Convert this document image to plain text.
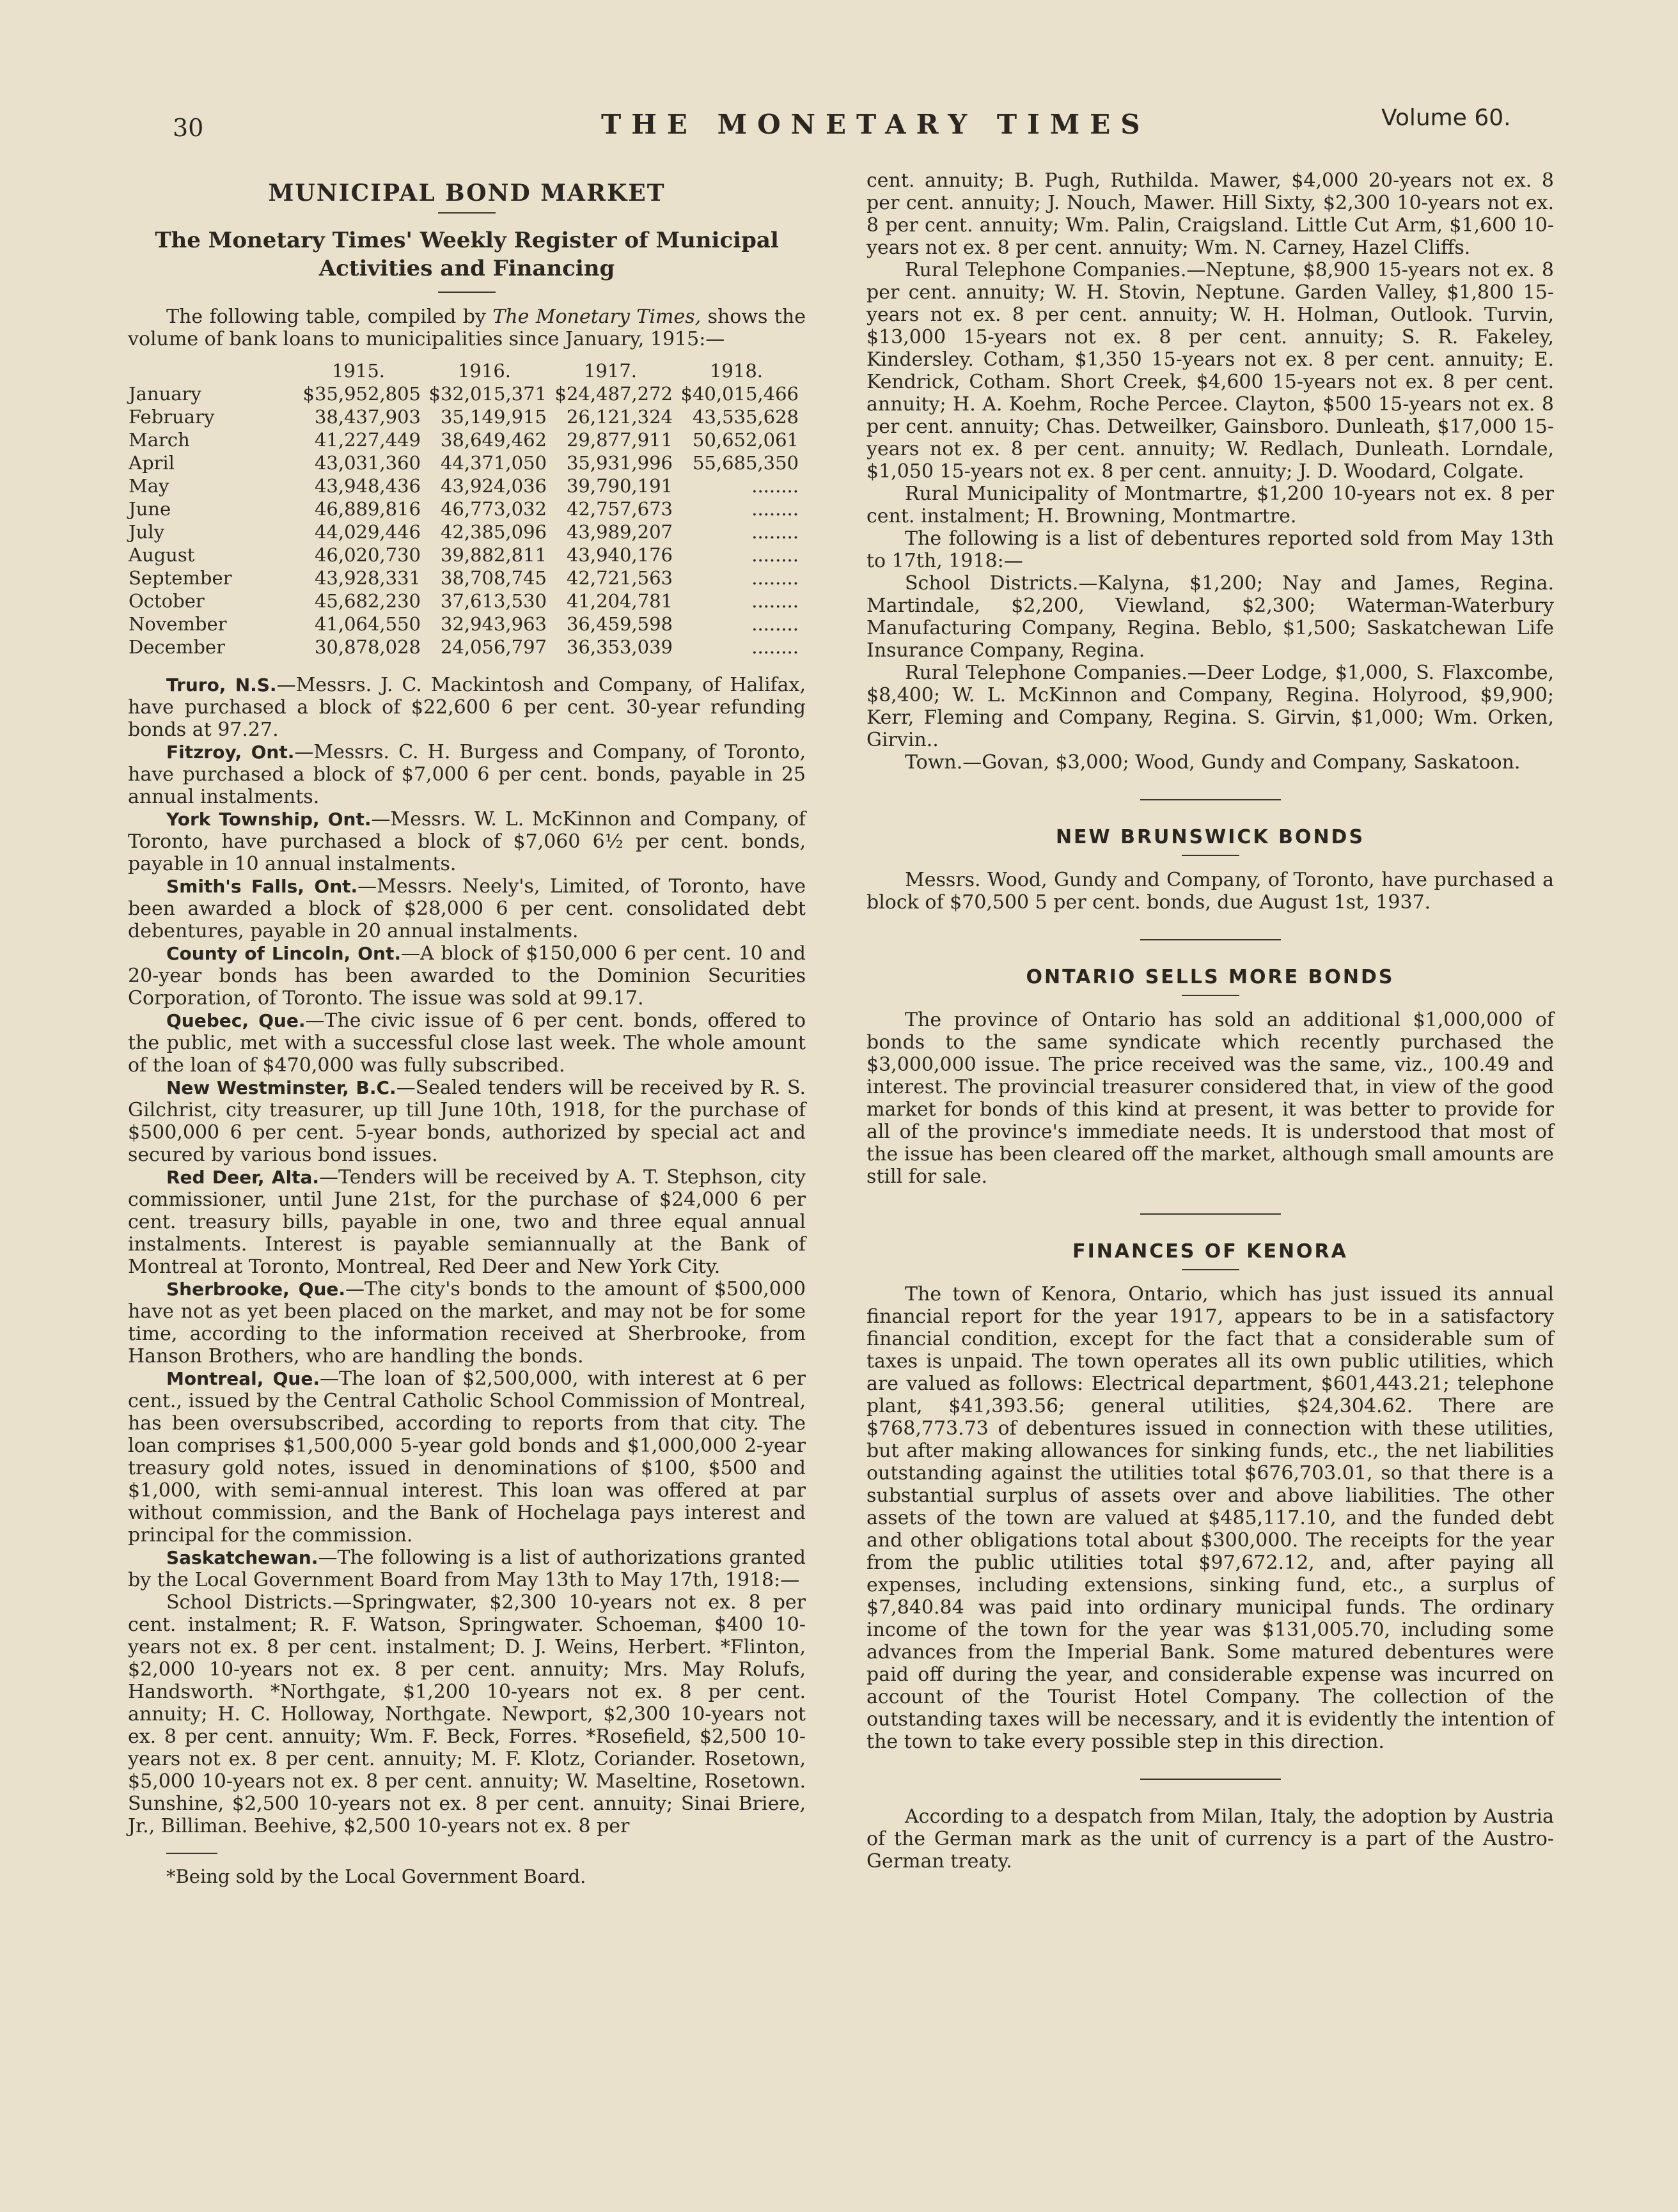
30	THE MONETARY TIMES	Volume 60.
MUNICIPAL BOND MARKET
The Monetary Times' Weekly Register of Municipal Activities and Financing

The following table, compiled by The Monetary Times, shows the volume of bank loans to municipalities since January, 1915:—

	1915.	1916.	1917.	1918.
January	$35,952,805	$32,015,371	$24,487,272	$40,015,466
February	38,437,903	35,149,915	26,121,324	43,535,628
March	41,227,449	38,649,462	29,877,911	50,652,061
April	43,031,360	44,371,050	35,931,996	55,685,350
May	43,948,436	43,924,036	39,790,191	........
June	46,889,816	46,773,032	42,757,673	........
July	44,029,446	42,385,096	43,989,207	........
August	46,020,730	39,882,811	43,940,176	........
September	43,928,331	38,708,745	42,721,563	........
October	45,682,230	37,613,530	41,204,781	........
November	41,064,550	32,943,963	36,459,598	........
December	30,878,028	24,056,797	36,353,039	........

Truro, N.S.—Messrs. J. C. Mackintosh and Company, of Halifax, have purchased a block of $22,600 6 per cent. 30-year refunding bonds at 97.27.

Fitzroy, Ont.—Messrs. C. H. Burgess and Company, of Toronto, have purchased a block of $7,000 6 per cent. bonds, payable in 25 annual instalments.

York Township, Ont.—Messrs. W. L. McKinnon and Company, of Toronto, have purchased a block of $7,060 6½ per cent. bonds, payable in 10 annual instalments.

Smith's Falls, Ont.—Messrs. Neely's, Limited, of Toronto, have been awarded a block of $28,000 6 per cent. consolidated debt debentures, payable in 20 annual instalments.

County of Lincoln, Ont.—A block of $150,000 6 per cent. 10 and 20-year bonds has been awarded to the Dominion Securities Corporation, of Toronto. The issue was sold at 99.17.

Quebec, Que.—The civic issue of 6 per cent. bonds, offered to the public, met with a successful close last week. The whole amount of the loan of $470,000 was fully subscribed.

New Westminster, B.C.—Sealed tenders will be received by R. S. Gilchrist, city treasurer, up till June 10th, 1918, for the purchase of $500,000 6 per cent. 5-year bonds, authorized by special act and secured by various bond issues.

Red Deer, Alta.—Tenders will be received by A. T. Stephson, city commissioner, until June 21st, for the purchase of $24,000 6 per cent. treasury bills, payable in one, two and three equal annual instalments. Interest is payable semiannually at the Bank of Montreal at Toronto, Montreal, Red Deer and New York City.

Sherbrooke, Que.—The city's bonds to the amount of $500,000 have not as yet been placed on the market, and may not be for some time, according to the information received at Sherbrooke, from Hanson Brothers, who are handling the bonds.

Montreal, Que.—The loan of $2,500,000, with interest at 6 per cent., issued by the Central Catholic School Commission of Montreal, has been oversubscribed, according to reports from that city. The loan comprises $1,500,000 5-year gold bonds and $1,000,000 2-year treasury gold notes, issued in denominations of $100, $500 and $1,000, with semi-annual interest. This loan was offered at par without commission, and the Bank of Hochelaga pays interest and principal for the commission.

Saskatchewan.—The following is a list of authorizations granted by the Local Government Board from May 13th to May 17th, 1918:—

School Districts.—Springwater, $2,300 10-years not ex. 8 per cent. instalment; R. F. Watson, Springwater. Schoeman, $400 10-years not ex. 8 per cent. instalment; D. J. Weins, Herbert. *Flinton, $2,000 10-years not ex. 8 per cent. annuity; Mrs. May Rolufs, Handsworth. *Northgate, $1,200 10-years not ex. 8 per cent. annuity; H. C. Holloway, Northgate. Newport, $2,300 10-years not ex. 8 per cent. annuity; Wm. F. Beck, Forres. *Rosefield, $2,500 10-years not ex. 8 per cent. annuity; M. F. Klotz, Coriander. Rosetown, $5,000 10-years not ex. 8 per cent. annuity; W. Maseltine, Rosetown. Sunshine, $2,500 10-years not ex. 8 per cent. annuity; Sinai Briere, Jr., Billiman. Beehive, $2,500 10-years not ex. 8 per

*Being sold by the Local Government Board.

cent. annuity; B. Pugh, Ruthilda. Mawer, $4,000 20-years not ex. 8 per cent. annuity; J. Nouch, Mawer. Hill Sixty, $2,300 10-years not ex. 8 per cent. annuity; Wm. Palin, Craigsland. Little Cut Arm, $1,600 10-years not ex. 8 per cent. annuity; Wm. N. Carney, Hazel Cliffs.

Rural Telephone Companies.—Neptune, $8,900 15-years not ex. 8 per cent. annuity; W. H. Stovin, Neptune. Garden Valley, $1,800 15-years not ex. 8 per cent. annuity; W. H. Holman, Outlook. Turvin, $13,000 15-years not ex. 8 per cent. annuity; S. R. Fakeley, Kindersley. Cotham, $1,350 15-years not ex. 8 per cent. annuity; E. Kendrick, Cotham. Short Creek, $4,600 15-years not ex. 8 per cent. annuity; H. A. Koehm, Roche Percee. Clayton, $500 15-years not ex. 8 per cent. annuity; Chas. Detweilker, Gainsboro. Dunleath, $17,000 15-years not ex. 8 per cent. annuity; W. Redlach, Dunleath. Lorndale, $1,050 15-years not ex. 8 per cent. annuity; J. D. Woodard, Colgate.

Rural Municipality of Montmartre, $1,200 10-years not ex. 8 per cent. instalment; H. Browning, Montmartre.

The following is a list of debentures reported sold from May 13th to 17th, 1918:—

School Districts.—Kalyna, $1,200; Nay and James, Regina. Martindale, $2,200, Viewland, $2,300; Waterman-Waterbury Manufacturing Company, Regina. Beblo, $1,500; Saskatchewan Life Insurance Company, Regina.

Rural Telephone Companies.—Deer Lodge, $1,000, S. Flaxcombe, $8,400; W. L. McKinnon and Company, Regina. Holyrood, $9,900; Kerr, Fleming and Company, Regina. S. Girvin, $1,000; Wm. Orken, Girvin..

Town.—Govan, $3,000; Wood, Gundy and Company, Saskatoon.

NEW BRUNSWICK BONDS

Messrs. Wood, Gundy and Company, of Toronto, have purchased a block of $70,500 5 per cent. bonds, due August 1st, 1937.

ONTARIO SELLS MORE BONDS

The province of Ontario has sold an additional $1,000,000 of bonds to the same syndicate which recently purchased the $3,000,000 issue. The price received was the same, viz., 100.49 and interest. The provincial treasurer considered that, in view of the good market for bonds of this kind at present, it was better to provide for all of the province's immediate needs. It is understood that most of the issue has been cleared off the market, although small amounts are still for sale.

FINANCES OF KENORA

The town of Kenora, Ontario, which has just issued its annual financial report for the year 1917, appears to be in a satisfactory financial condition, except for the fact that a considerable sum of taxes is unpaid. The town operates all its own public utilities, which are valued as follows: Electrical department, $601,443.21; telephone plant, $41,393.56; general utilities, $24,304.62. There are $768,773.73 of debentures issued in connection with these utilities, but after making allowances for sinking funds, etc., the net liabilities outstanding against the utilities total $676,703.01, so that there is a substantial surplus of assets over and above liabilities. The other assets of the town are valued at $485,117.10, and the funded debt and other obligations total about $300,000. The receipts for the year from the public utilities total $97,672.12, and, after paying all expenses, including extensions, sinking fund, etc., a surplus of $7,840.84 was paid into ordinary municipal funds. The ordinary income of the town for the year was $131,005.70, including some advances from the Imperial Bank. Some matured debentures were paid off during the year, and considerable expense was incurred on account of the Tourist Hotel Company. The collection of the outstanding taxes will be necessary, and it is evidently the intention of the town to take every possible step in this direction.

According to a despatch from Milan, Italy, the adoption by Austria of the German mark as the unit of currency is a part of the Austro-German treaty.
